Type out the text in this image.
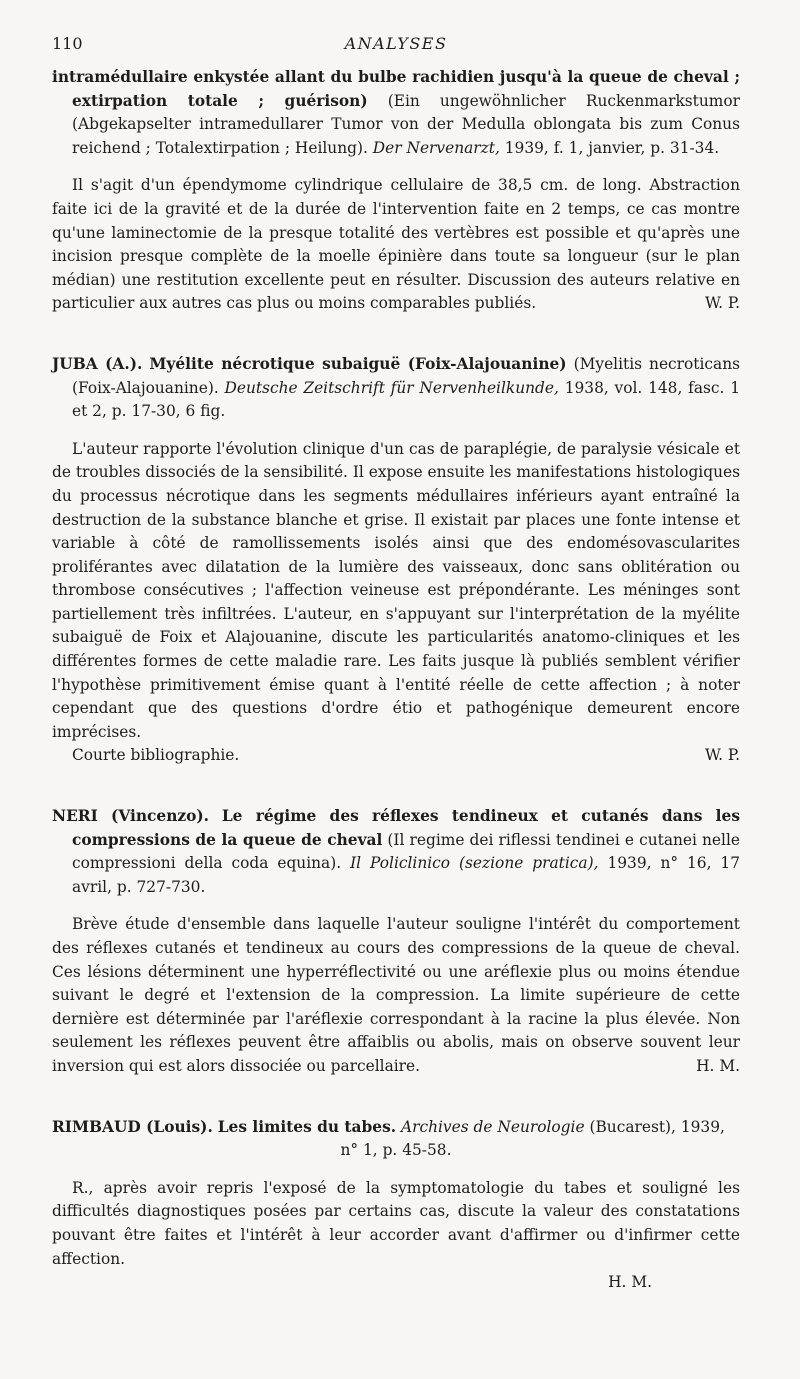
110	ANALYSES

intramédullaire enkystée allant du bulbe rachidien jusqu'à la queue de cheval ; extirpation totale ; guérison) (Ein ungewöhnlicher Ruckenmarkstumor (Abgekapselter intramedullarer Tumor von der Medulla oblongata bis zum Conus reichend ; Totalextirpation ; Heilung). Der Nervenarzt, 1939, f. 1, janvier, p. 31-34.

Il s'agit d'un épendymome cylindrique cellulaire de 38,5 cm. de long. Abstraction faite ici de la gravité et de la durée de l'intervention faite en 2 temps, ce cas montre qu'une laminectomie de la presque totalité des vertèbres est possible et qu'après une incision presque complète de la moelle épinière dans toute sa longueur (sur le plan médian) une restitution excellente peut en résulter. Discussion des auteurs relative en particulier aux autres cas plus ou moins comparables publiés.	W. P.

JUBA (A.). Myélite nécrotique subaiguë (Foix-Alajouanine) (Myelitis necroticans (Foix-Alajouanine). Deutsche Zeitschrift für Nervenheilkunde, 1938, vol. 148, fasc. 1 et 2, p. 17-30, 6 fig.

L'auteur rapporte l'évolution clinique d'un cas de paraplégie, de paralysie vésicale et de troubles dissociés de la sensibilité. Il expose ensuite les manifestations histologiques du processus nécrotique dans les segments médullaires inférieurs ayant entraîné la destruction de la substance blanche et grise. Il existait par places une fonte intense et variable à côté de ramollissements isolés ainsi que des endomésovascularites proliférantes avec dilatation de la lumière des vaisseaux, donc sans oblitération ou thrombose consécutives ; l'affection veineuse est prépondérante. Les méninges sont partiellement très infiltrées. L'auteur, en s'appuyant sur l'interprétation de la myélite subaiguë de Foix et Alajouanine, discute les particularités anatomo-cliniques et les différentes formes de cette maladie rare. Les faits jusque là publiés semblent vérifier l'hypothèse primitivement émise quant à l'entité réelle de cette affection ; à noter cependant que des questions d'ordre étio et pathogénique demeurent encore imprécises.

Courte bibliographie.	W. P.

NERI (Vincenzo). Le régime des réflexes tendineux et cutanés dans les compressions de la queue de cheval (Il regime dei riflessi tendinei e cutanei nelle compressioni della coda equina). Il Policlinico (sezione pratica), 1939, n° 16, 17 avril, p. 727-730.

Brève étude d'ensemble dans laquelle l'auteur souligne l'intérêt du comportement des réflexes cutanés et tendineux au cours des compressions de la queue de cheval. Ces lésions déterminent une hyperréflectivité ou une aréflexie plus ou moins étendue suivant le degré et l'extension de la compression. La limite supérieure de cette dernière est déterminée par l'aréflexie correspondant à la racine la plus élevée. Non seulement les réflexes peuvent être affaiblis ou abolis, mais on observe souvent leur inversion qui est alors dissociée ou parcellaire.	H. M.

RIMBAUD (Louis). Les limites du tabes. Archives de Neurologie (Bucarest), 1939,

n° 1, p. 45-58.

R., après avoir repris l'exposé de la symptomatologie du tabes et souligné les difficultés diagnostiques posées par certains cas, discute la valeur des constatations pouvant être faites et l'intérêt à leur accorder avant d'affirmer ou d'infirmer cette affection.

H. M.
